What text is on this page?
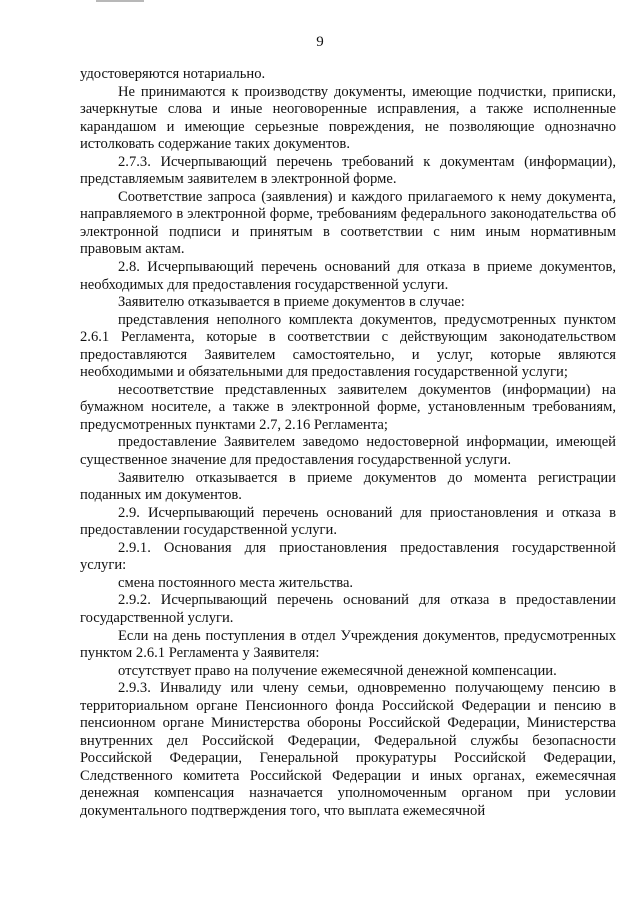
9

удостоверяются нотариально.

Не принимаются к производству документы, имеющие подчистки, приписки, зачеркнутые слова и иные неоговоренные исправления, а также исполненные карандашом и имеющие серьезные повреждения, не позволяющие однозначно истолковать содержание таких документов.

2.7.3. Исчерпывающий перечень требований к документам (информации), представляемым заявителем в электронной форме.

Соответствие запроса (заявления) и каждого прилагаемого к нему документа, направляемого в электронной форме, требованиям федерального законодательства об электронной подписи и принятым в соответствии с ним иным нормативным правовым актам.

2.8. Исчерпывающий перечень оснований для отказа в приеме документов, необходимых для предоставления государственной услуги.

Заявителю отказывается в приеме документов в случае:

представления неполного комплекта документов, предусмотренных пунктом 2.6.1 Регламента, которые в соответствии с действующим законодательством предоставляются Заявителем самостоятельно, и услуг, которые являются необходимыми и обязательными для предоставления государственной услуги;

несоответствие представленных заявителем документов (информации) на бумажном носителе, а также в электронной форме, установленным требованиям, предусмотренных пунктами 2.7, 2.16 Регламента;

предоставление Заявителем заведомо недостоверной информации, имеющей существенное значение для предоставления государственной услуги.

Заявителю отказывается в приеме документов до момента регистрации поданных им документов.

2.9. Исчерпывающий перечень оснований для приостановления и отказа в предоставлении государственной услуги.

2.9.1. Основания для приостановления предоставления государственной услуги:

смена постоянного места жительства.

2.9.2. Исчерпывающий перечень оснований для отказа в предоставлении государственной услуги.

Если на день поступления в отдел Учреждения документов, предусмотренных пунктом 2.6.1 Регламента у Заявителя:

отсутствует право на получение ежемесячной денежной компенсации.

2.9.3. Инвалиду или члену семьи, одновременно получающему пенсию в территориальном органе Пенсионного фонда Российской Федерации и пенсию в пенсионном органе Министерства обороны Российской Федерации, Министерства внутренних дел Российской Федерации, Федеральной службы безопасности Российской Федерации, Генеральной прокуратуры Российской Федерации, Следственного комитета Российской Федерации и иных органах, ежемесячная денежная компенсация назначается уполномоченным органом при условии документального подтверждения того, что выплата ежемесячной
